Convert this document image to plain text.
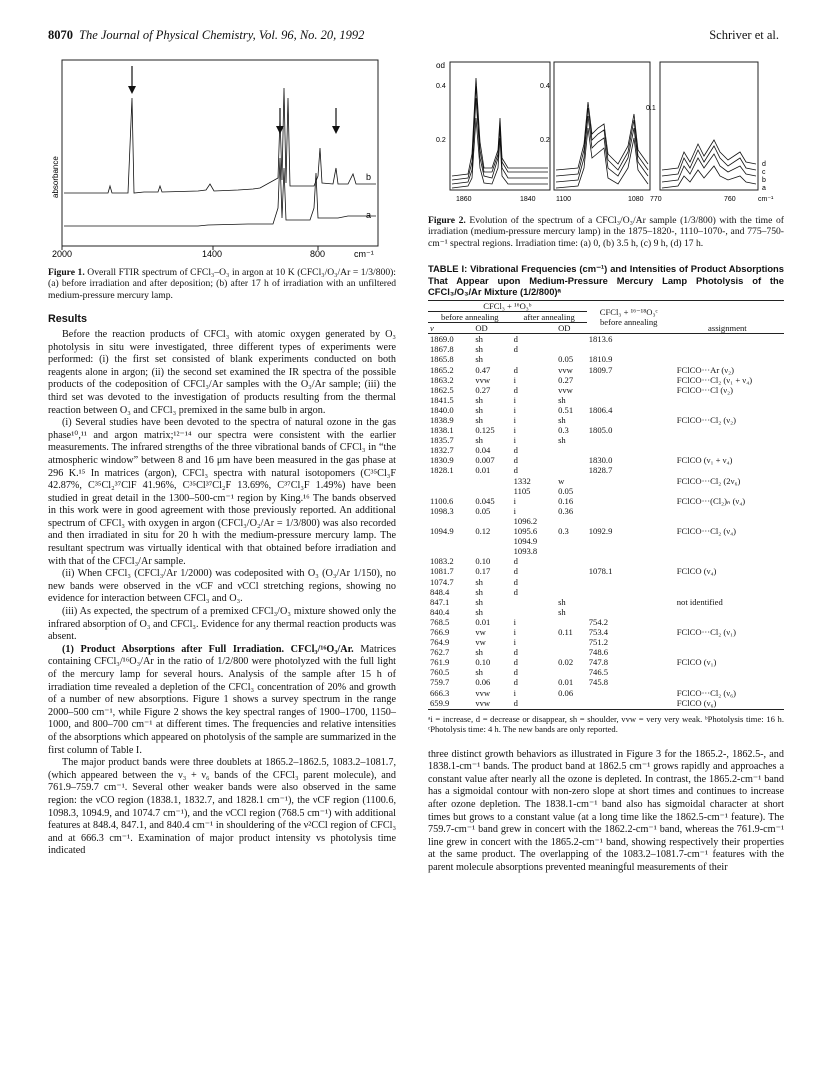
8070 The Journal of Physical Chemistry, Vol. 96, No. 20, 1992	Schriver et al.
b
a
absorbance
2000	1400	800	cm⁻¹
Figure 1. Overall FTIR spectrum of CFCl₃–O₃ in argon at 10 K (CFCl₃/O₃/Ar = 1/3/800): (a) before irradiation and after deposition; (b) after 17 h of irradiation with an unfiltered medium-pressure mercury lamp.
Results

Before the reaction products of CFCl₃ with atomic oxygen generated by O₃ photolysis in situ were investigated, three different types of experiments were performed: (i) the first set consisted of blank experiments conducted on both reagents alone in argon; (ii) the second set examined the IR spectra of the possible products of the codeposition of CFCl₃/Ar samples with the O₃/Ar sample; (iii) the third set was devoted to the investigation of products resulting from the thermal reaction between O₃ and CFCl₃ premixed in the same bulb in argon.

(i) Several studies have been devoted to the spectra of natural ozone in the gas phase¹⁰,¹¹ and argon matrix;¹²⁻¹⁴ our spectra were consistent with the earlier measurements. The infrared strengths of the three vibrational bands of CFCl₃ in “the atmospheric window” between 8 and 16 μm have been measured in the gas phase at 296 K.¹⁵ In matrices (argon), CFCl₃ spectra with natural isotopomers (C³⁵Cl₃F 42.87%, C³⁵Cl₂³⁷ClF 41.96%, C³⁵Cl³⁷Cl₂F 13.69%, C³⁷Cl₃F 1.49%) have been studied in great detail in the 1300–500-cm⁻¹ region by King.¹⁶ The bands observed in this work were in good agreement with those previously reported. An additional spectrum of CFCl₃ with oxygen in argon (CFCl₃/O₂/Ar = 1/3/800) was also recorded and then irradiated in situ for 20 h with the medium-pressure mercury lamp. The resultant spectrum was virtually identical with that obtained before irradiation and with that of the CFCl₃/Ar sample.

(ii) When CFCl₃ (CFCl₃/Ar 1/2000) was codeposited with O₃ (O₃/Ar 1/150), no new bands were observed in the νCF and νCCl stretching regions, showing no evidence for interaction between CFCl₃ and O₃.

(iii) As expected, the spectrum of a premixed CFCl₃/O₃ mixture showed only the infrared absorption of O₃ and CFCl₃. Evidence for any thermal reaction products was absent.

(1) Product Absorptions after Full Irradiation. CFCl₃/¹⁶O₃/Ar. Matrices containing CFCl₃/¹⁶O₃/Ar in the ratio of 1/2/800 were photolyzed with the full light of the mercury lamp for several hours. Analysis of the sample after 15 h of irradiation time revealed a depletion of the CFCl₃ concentration of 20% and growth of a number of new absorptions. Figure 1 shows a survey spectrum in the range 2000–500 cm⁻¹, while Figure 2 shows the key spectral ranges of 1900–1700, 1150–1000, and 800–700 cm⁻¹ at different times. The frequencies and relative intensities of the absorptions which appeared on photolysis of the sample are summarized in the first column of Table I.

The major product bands were three doublets at 1865.2–1862.5, 1083.2–1081.7, (which appeared between the ν₃ + ν₆ bands of the CFCl₃ parent molecule), and 761.9–759.7 cm⁻¹. Several other weaker bands were also observed in the same region: the νCO region (1838.1, 1832.7, and 1828.1 cm⁻¹), the νCF region (1100.6, 1098.3, 1094.9, and 1074.7 cm⁻¹), and the νCCl region (768.5 cm⁻¹) with additional features at 848.4, 847.1, and 840.4 cm⁻¹ in shouldering of the ν²CCl region of CFCl₃ and at 666.3 cm⁻¹. Examination of major product intensity vs photolysis time indicated

od
0.4
0.2
0.4
0.2
0.1
d
c
b
a
1860	1840	1100	1080 770	760	cm⁻¹
Figure 2. Evolution of the spectrum of a CFCl₃/O₃/Ar sample (1/3/800) with the time of irradiation (medium-pressure mercury lamp) in the 1875–1820-, 1110–1070-, and 775–750-cm⁻¹ spectral regions. Irradiation time: (a) 0, (b) 3.5 h, (c) 9 h, (d) 17 h.
TABLE I: Vibrational Frequencies (cm⁻¹) and Intensities of Product Absorptions That Appear upon Medium-Pressure Mercury Lamp Photolysis of the CFCl₃/O₃/Ar Mixture (1/2/800)ᵃ
CFCl₃ + ¹⁶O₃ᵇ				CFCl₃ + ¹⁶⁻¹⁸O₃ᶜ before annealing	assignment
before annealing		after annealing			
ν	OD		OD		
1869.0	sh	d		1813.6	
1867.8	sh	d			
1865.8	sh		0.05	1810.9	
1865.2	0.47	d	vvw	1809.7	FClCO···Ar (ν₂)
1863.2	vvw	i	0.27		FClCO···Cl₂ (ν₁ + ν₄)
1862.5	0.27	d	vvw		FClCO···Cl (ν₂)
1841.5	sh	i	sh		
1840.0	sh	i	0.51	1806.4	
1838.9	sh	i	sh		FClCO···Cl₂ (ν₂)
1838.1	0.125	i	0.3	1805.0	
1835.7	sh	i	sh		
1832.7	0.04	d			
1830.9	0.007	d		1830.0	FClCO (ν₁ + ν₄)
1828.1	0.01	d		1828.7	
		1332	w		FClCO···Cl₂ (2ν₆)
		1105	0.05		
1100.6	0.045	i	0.16		FClCO···(Cl₂)ₙ (ν₄)
1098.3	0.05	i	0.36		
		1096.2			
1094.9	0.12	1095.6	0.3	1092.9	FClCO···Cl₂ (ν₄)
		1094.9			
		1093.8			
1083.2	0.10	d			
1081.7	0.17	d		1078.1	FClCO (ν₄)
1074.7	sh	d			
848.4	sh	d			
847.1	sh		sh		not identified
840.4	sh		sh		
768.5	0.01	i		754.2	
766.9	vw	i	0.11	753.4	FClCO···Cl₂ (ν₁)
764.9	vw	i		751.2	
762.7	sh	d		748.6	
761.9	0.10	d	0.02	747.8	FClCO (ν₁)
760.5	sh	d		746.5	
759.7	0.06	d	0.01	745.8	
666.3	vvw	i	0.06		FClCO···Cl₂ (ν₆)
659.9	vvw	d			FClCO (ν₆)
ᵃi = increase, d = decrease or disappear, sh = shoulder, vvw = very very weak. ᵇPhotolysis time: 16 h. ᶜPhotolysis time: 4 h. The new bands are only reported.

three distinct growth behaviors as illustrated in Figure 3 for the 1865.2-, 1862.5-, and 1838.1-cm⁻¹ bands. The product band at 1862.5 cm⁻¹ grows rapidly and approaches a constant value after nearly all the ozone is depleted. In contrast, the 1865.2-cm⁻¹ band has a sigmoidal contour with non-zero slope at short times and continues to increase after ozone depletion. The 1838.1-cm⁻¹ band also has sigmoidal character at short times but grows to a constant value (at a long time like the 1862.5-cm⁻¹ feature). The 759.7-cm⁻¹ band grew in concert with the 1862.2-cm⁻¹ band, whereas the 761.9-cm⁻¹ line grew in concert with the 1865.2-cm⁻¹ band, showing respectively their properties at the same product. The overlapping of the 1083.2–1081.7-cm⁻¹ features with the parent molecule absorptions prevented meaningful measurements of their
